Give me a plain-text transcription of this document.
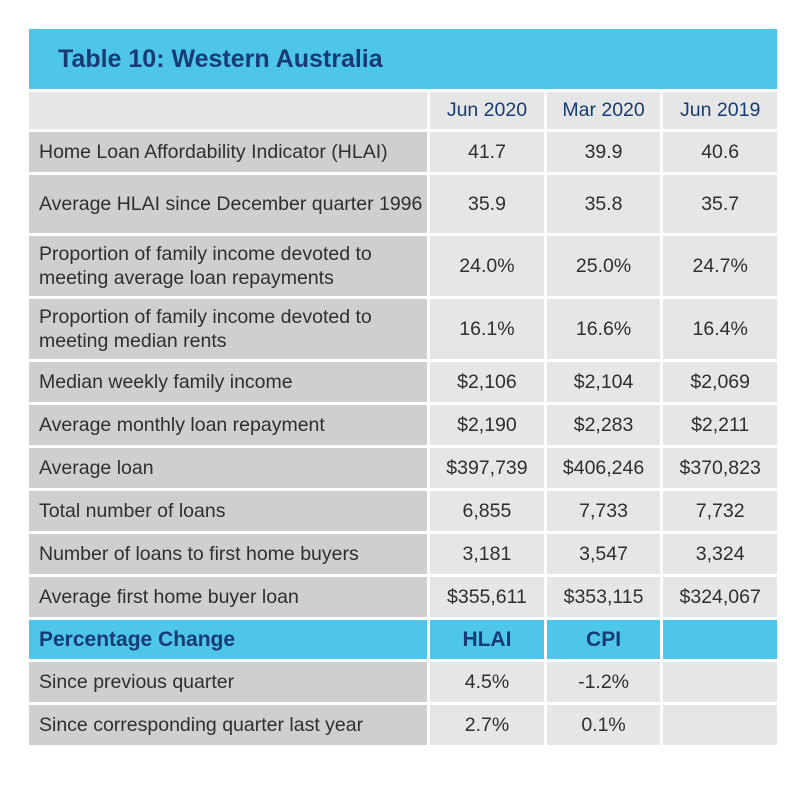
Table 10: Western Australia
	Jun 2020	Mar 2020	Jun 2019
Home Loan Affordability Indicator (HLAI)	41.7	39.9	40.6
Average HLAI since December quarter 1996	35.9	35.8	35.7
Proportion of family income devoted to meeting average loan repayments	24.0%	25.0%	24.7%
Proportion of family income devoted to meeting median rents	16.1%	16.6%	16.4%
Median weekly family income	$2,106	$2,104	$2,069
Average monthly loan repayment	$2,190	$2,283	$2,211
Average loan	$397,739	$406,246	$370,823
Total number of loans	6,855	7,733	7,732
Number of loans to first home buyers	3,181	3,547	3,324
Average first home buyer loan	$355,611	$353,115	$324,067
Percentage Change	HLAI	CPI	
Since previous quarter	4.5%	-1.2%	
Since corresponding quarter last year	2.7%	0.1%	
